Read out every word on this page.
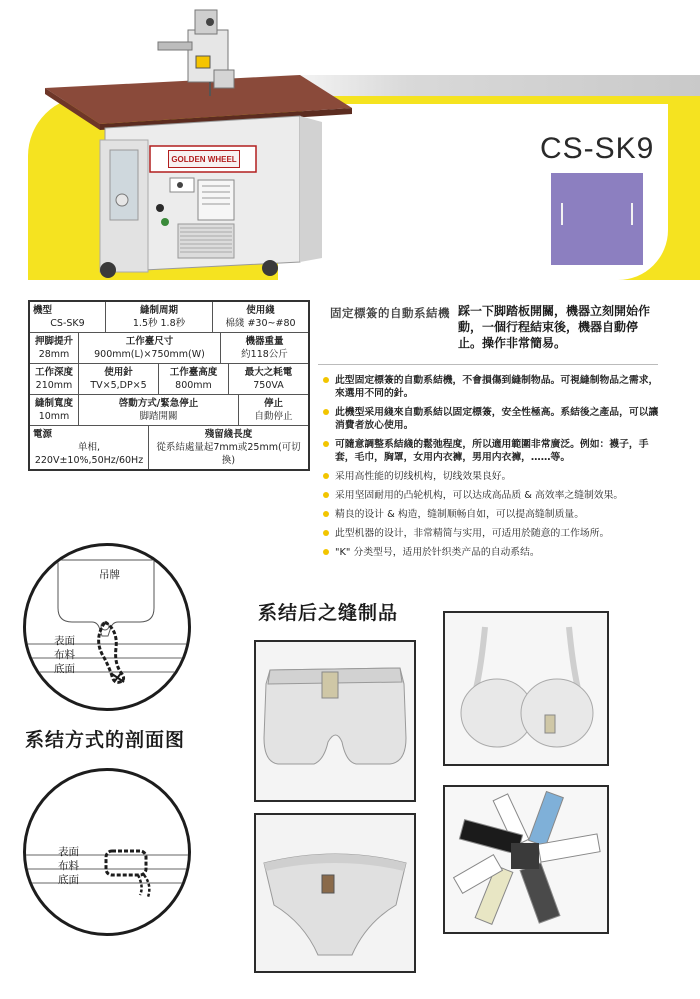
GOLDEN WHEEL	CS-SK9
機型
CS-SK9
縫制周期
1.5秒 1.8秒
使用綫
棉綫 #30~#80
押脚提升
28mm
工作臺尺寸
900mm(L)×750mm(W)
機器重量
約118公斤
工作深度
210mm
使用針
TV×5,DP×5
工作臺高度
800mm
最大之耗電
750VA
縫制寬度
10mm
啓動方式/緊急停止
脚踏開關
停止
自動停止
電源
单相,
220V±10%,50Hz/60Hz
殘留綫長度
從系結處量起7mm或25mm(可切換)
固定標簽的自動系結機 踩一下脚踏板開關，機器立刻開始作動，一個行程結束後，機器自動停止。操作非常簡易。
此型固定標簽的自動系結機，不會損傷到縫制物品。可視縫制物品之需求，來選用不同的針。
此機型采用綫來自動系結以固定標簽，安全性極高。系結後之產品，可以讓消費者放心使用。
可隨意調整系結綫的鬆弛程度，所以適用範圍非常廣泛。例如：襪子，手套，毛巾，胸罩，女用内衣褲，男用内衣褲，……等。
采用高性能的切线机构，切线效果良好。
采用坚固耐用的凸轮机构，可以达成高品质 & 高效率之缝制效果。
精良的设计 & 构造，缝制顺畅自如，可以提高缝制质量。
此型机器的设计，非常精简与实用，可适用於随意的工作场所。
"K" 分类型号，适用於针织类产品的自动系结。
吊牌
表面
布料
底面
系结方式的剖面图
表面
布料
底面
系结后之缝制品
